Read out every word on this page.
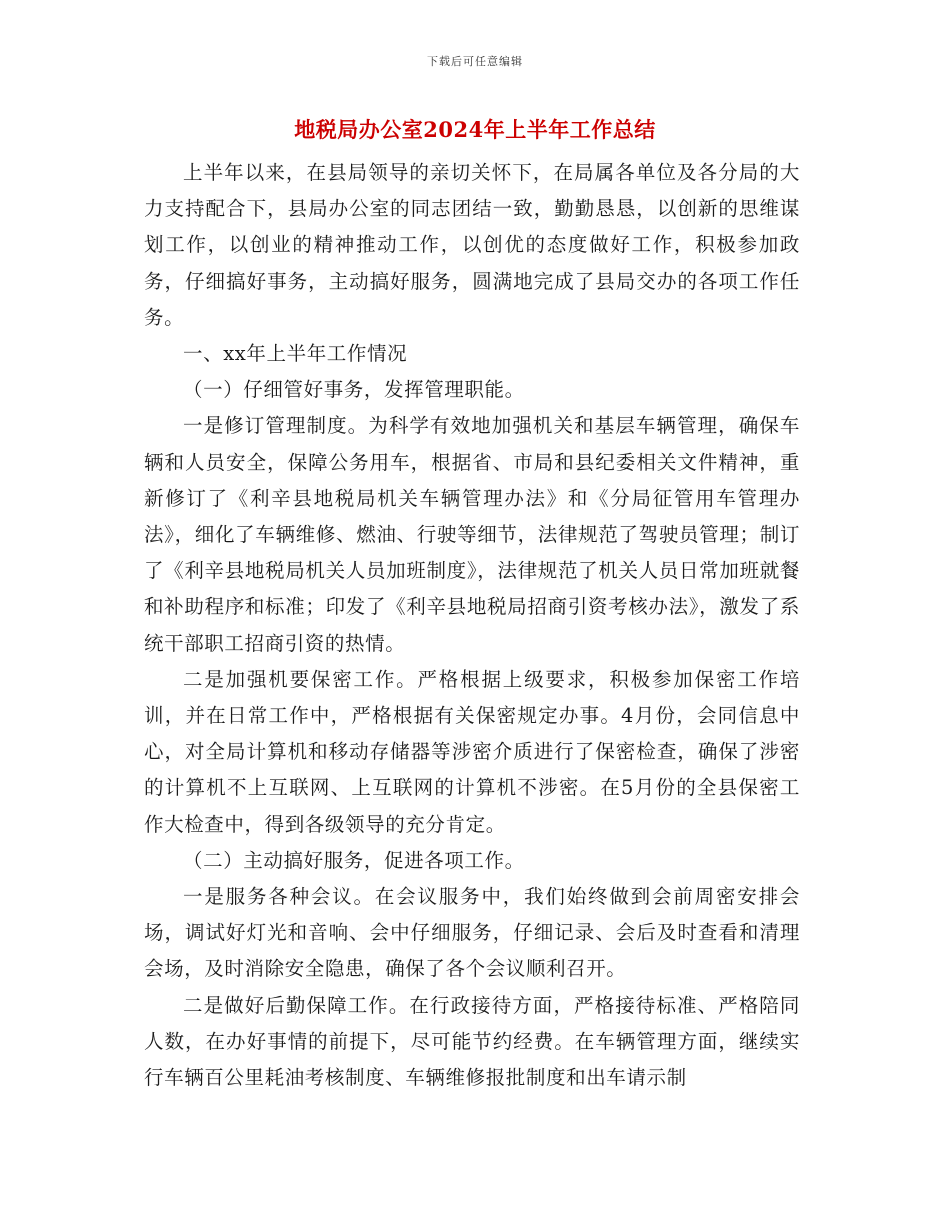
下载后可任意编辑
地税局办公室2024年上半年工作总结

上半年以来，在县局领导的亲切关怀下，在局属各单位及各分局的大力支持配合下，县局办公室的同志团结一致，勤勤恳恳，以创新的思维谋划工作，以创业的精神推动工作，以创优的态度做好工作，积极参加政务，仔细搞好事务，主动搞好服务，圆满地完成了县局交办的各项工作任务。

一、xx年上半年工作情况

（一）仔细管好事务，发挥管理职能。

一是修订管理制度。为科学有效地加强机关和基层车辆管理，确保车辆和人员安全，保障公务用车，根据省、市局和县纪委相关文件精神，重新修订了《利辛县地税局机关车辆管理办法》和《分局征管用车管理办法》，细化了车辆维修、燃油、行驶等细节，法律规范了驾驶员管理；制订了《利辛县地税局机关人员加班制度》，法律规范了机关人员日常加班就餐和补助程序和标准；印发了《利辛县地税局招商引资考核办法》，激发了系统干部职工招商引资的热情。

二是加强机要保密工作。严格根据上级要求，积极参加保密工作培训，并在日常工作中，严格根据有关保密规定办事。4月份，会同信息中心，对全局计算机和移动存储器等涉密介质进行了保密检查，确保了涉密的计算机不上互联网、上互联网的计算机不涉密。在5月份的全县保密工作大检查中，得到各级领导的充分肯定。

（二）主动搞好服务，促进各项工作。

一是服务各种会议。在会议服务中，我们始终做到会前周密安排会场，调试好灯光和音响、会中仔细服务，仔细记录、会后及时查看和清理会场，及时消除安全隐患，确保了各个会议顺利召开。

二是做好后勤保障工作。在行政接待方面，严格接待标准、严格陪同人数，在办好事情的前提下，尽可能节约经费。在车辆管理方面，继续实行车辆百公里耗油考核制度、车辆维修报批制度和出车请示制
